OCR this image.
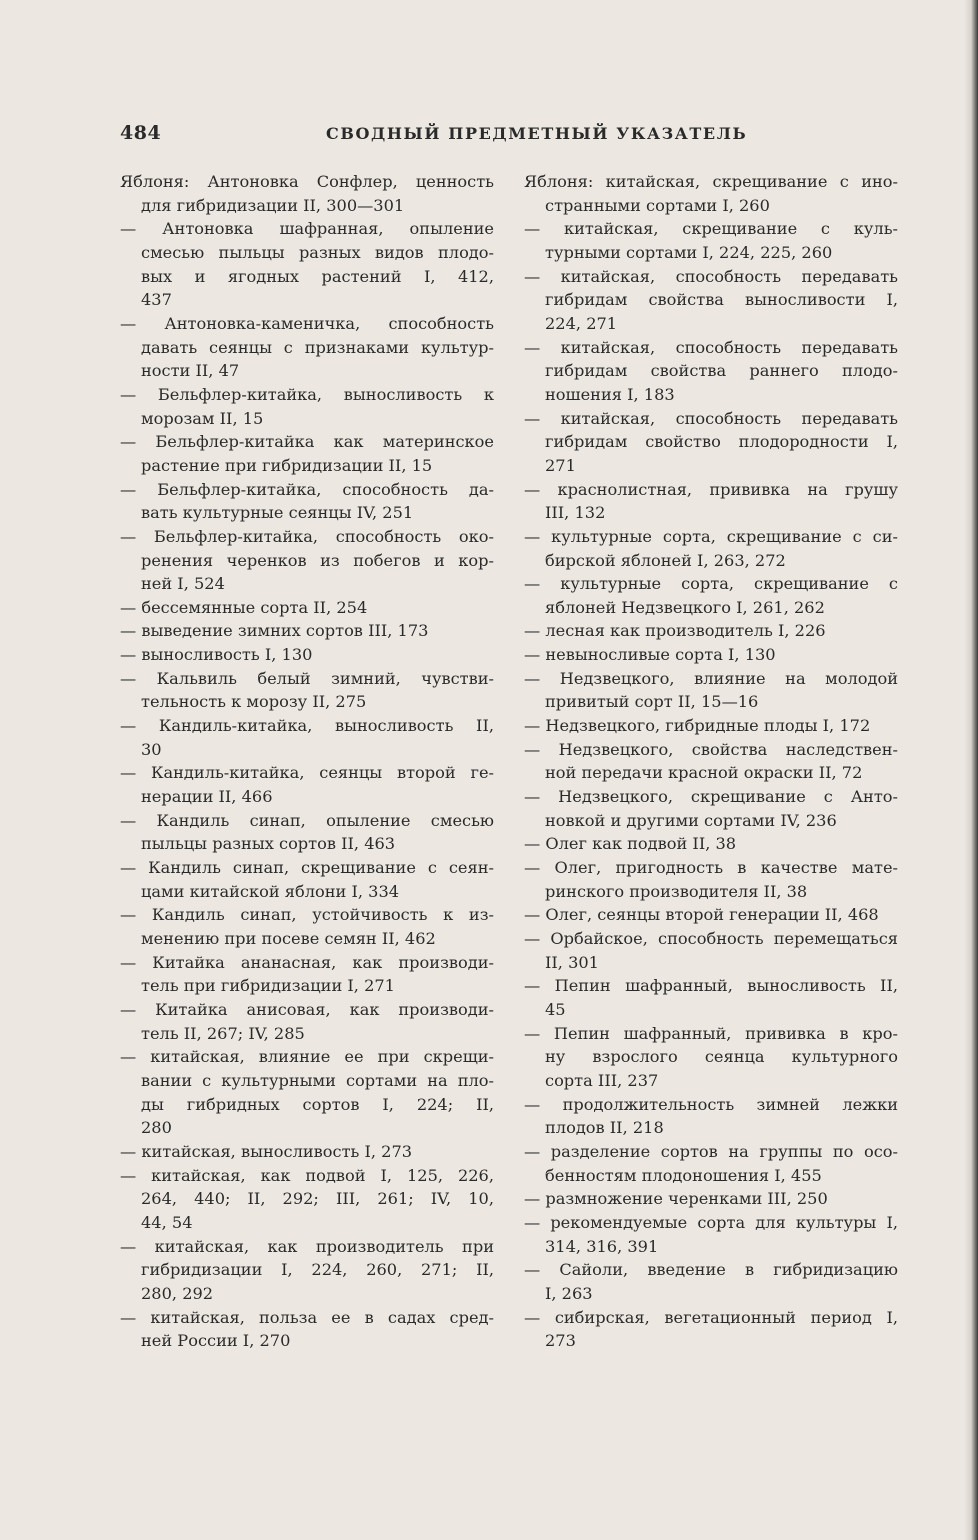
484	СВОДНЫЙ ПРЕДМЕТНЫЙ УКАЗАТЕЛЬ
Яблоня: Антоновка Сонфлер, ценность
для гибридизации II, 300—301
— Антоновка шафранная, опыление
смесью пыльцы разных видов плодо-
вых и ягодных растений I, 412,
437
— Антоновка-каменичка, способность
давать сеянцы с признаками культур-
ности II, 47
— Бельфлер-китайка, выносливость к
морозам II, 15
— Бельфлер-китайка как материнское
растение при гибридизации II, 15
— Бельфлер-китайка, способность да-
вать культурные сеянцы IV, 251
— Бельфлер-китайка, способность око-
ренения черенков из побегов и кор-
ней I, 524
— бессемянные сорта II, 254
— выведение зимних сортов III, 173
— выносливость I, 130
— Кальвиль белый зимний, чувстви-
тельность к морозу II, 275
— Кандиль-китайка, выносливость II,
30
— Кандиль-китайка, сеянцы второй ге-
нерации II, 466
— Кандиль синап, опыление смесью
пыльцы разных сортов II, 463
— Кандиль синап, скрещивание с сеян-
цами китайской яблони I, 334
— Кандиль синап, устойчивость к из-
менению при посеве семян II, 462
— Китайка ананасная, как производи-
тель при гибридизации I, 271
— Китайка анисовая, как производи-
тель II, 267; IV, 285
— китайская, влияние ее при скрещи-
вании с культурными сортами на пло-
ды гибридных сортов I, 224; II,
280
— китайская, выносливость I, 273
— китайская, как подвой I, 125, 226,
264, 440; II, 292; III, 261; IV, 10,
44, 54
— китайская, как производитель при
гибридизации I, 224, 260, 271; II,
280, 292
— китайская, польза ее в садах сред-
ней России I, 270
Яблоня: китайская, скрещивание с ино-
странными сортами I, 260
— китайская, скрещивание с куль-
турными сортами I, 224, 225, 260
— китайская, способность передавать
гибридам свойства выносливости I,
224, 271
— китайская, способность передавать
гибридам свойства раннего плодо-
ношения I, 183
— китайская, способность передавать
гибридам свойство плодородности I,
271
— краснолистная, прививка на грушу
III, 132
— культурные сорта, скрещивание с си-
бирской яблоней I, 263, 272
— культурные сорта, скрещивание с
яблоней Недзвецкого I, 261, 262
— лесная как производитель I, 226
— невыносливые сорта I, 130
— Недзвецкого, влияние на молодой
привитый сорт II, 15—16
— Недзвецкого, гибридные плоды I, 172
— Недзвецкого, свойства наследствен-
ной передачи красной окраски II, 72
— Недзвецкого, скрещивание с Анто-
новкой и другими сортами IV, 236
— Олег как подвой II, 38
— Олег, пригодность в качестве мате-
ринского производителя II, 38
— Олег, сеянцы второй генерации II, 468
— Орбайское, способность перемещаться
II, 301
— Пепин шафранный, выносливость II,
45
— Пепин шафранный, прививка в кро-
ну взрослого сеянца культурного
сорта III, 237
— продолжительность зимней лежки
плодов II, 218
— разделение сортов на группы по осо-
бенностям плодоношения I, 455
— размножение черенками III, 250
— рекомендуемые сорта для культуры I,
314, 316, 391
— Сайоли, введение в гибридизацию
I, 263
— сибирская, вегетационный период I,
273
